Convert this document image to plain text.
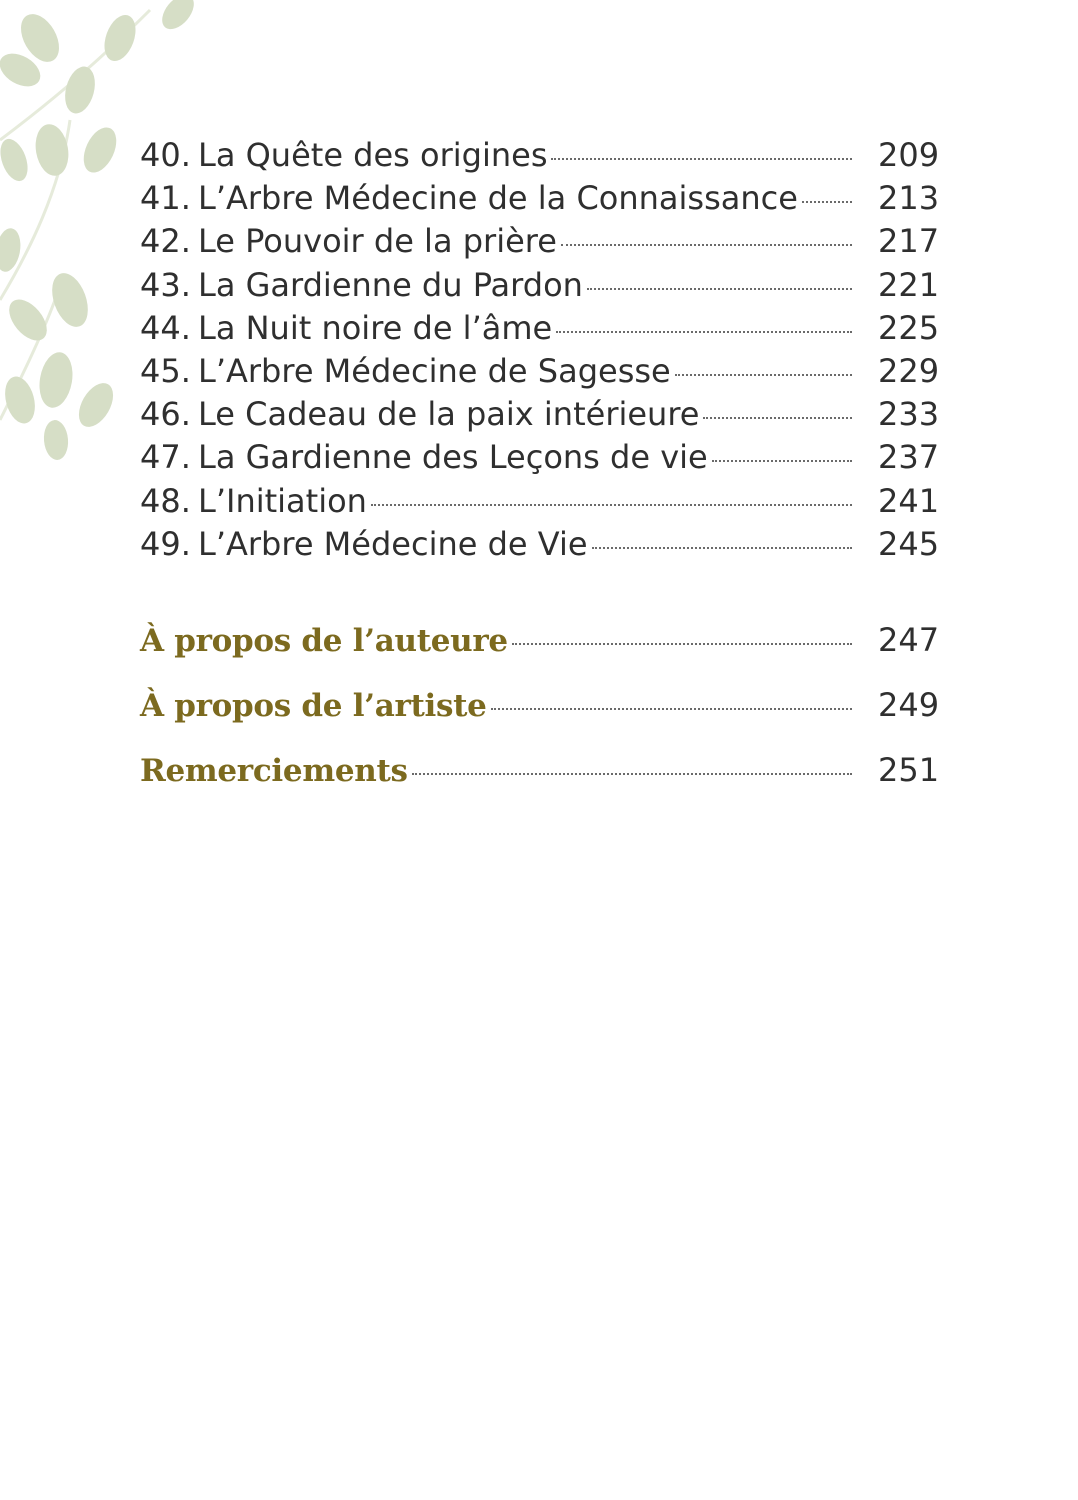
40. La Quête des origines	209
41. L’Arbre Médecine de la Connaissance	213
42. Le Pouvoir de la prière	217
43. La Gardienne du Pardon	221
44. La Nuit noire de l’âme	225
45. L’Arbre Médecine de Sagesse	229
46. Le Cadeau de la paix intérieure	233
47. La Gardienne des Leçons de vie	237
48. L’Initiation	241
49. L’Arbre Médecine de Vie	245
À propos de l’auteure	247
À propos de l’artiste	249
Remerciements	251
